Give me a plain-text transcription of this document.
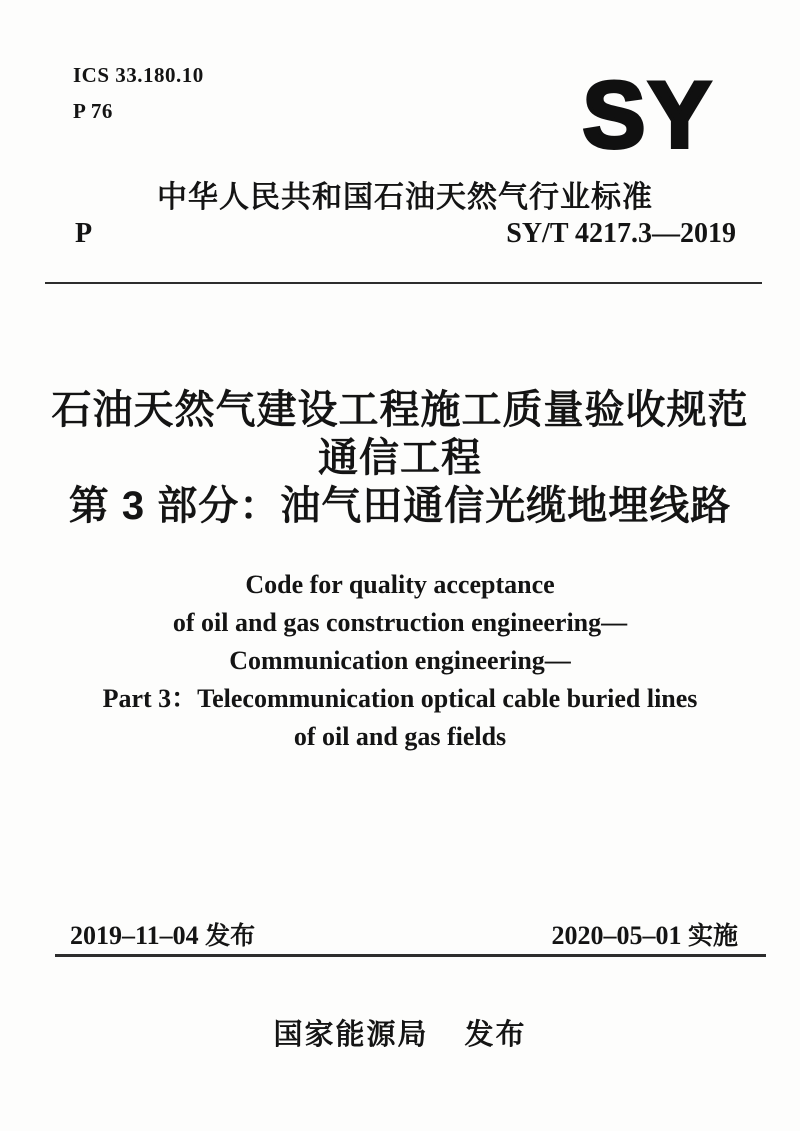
ICS 33.180.10
P 76	SY
中华人民共和国石油天然气行业标准
P	SY/T 4217.3—2019
石油天然气建设工程施工质量验收规范
通信工程
第 3 部分：油气田通信光缆地埋线路
Code for quality acceptance
of oil and gas construction engineering—
Communication engineering—
Part 3：Telecommunication optical cable buried lines
of oil and gas fields
2019–11–04 发布	2020–05–01 实施
国家能源局 发布
